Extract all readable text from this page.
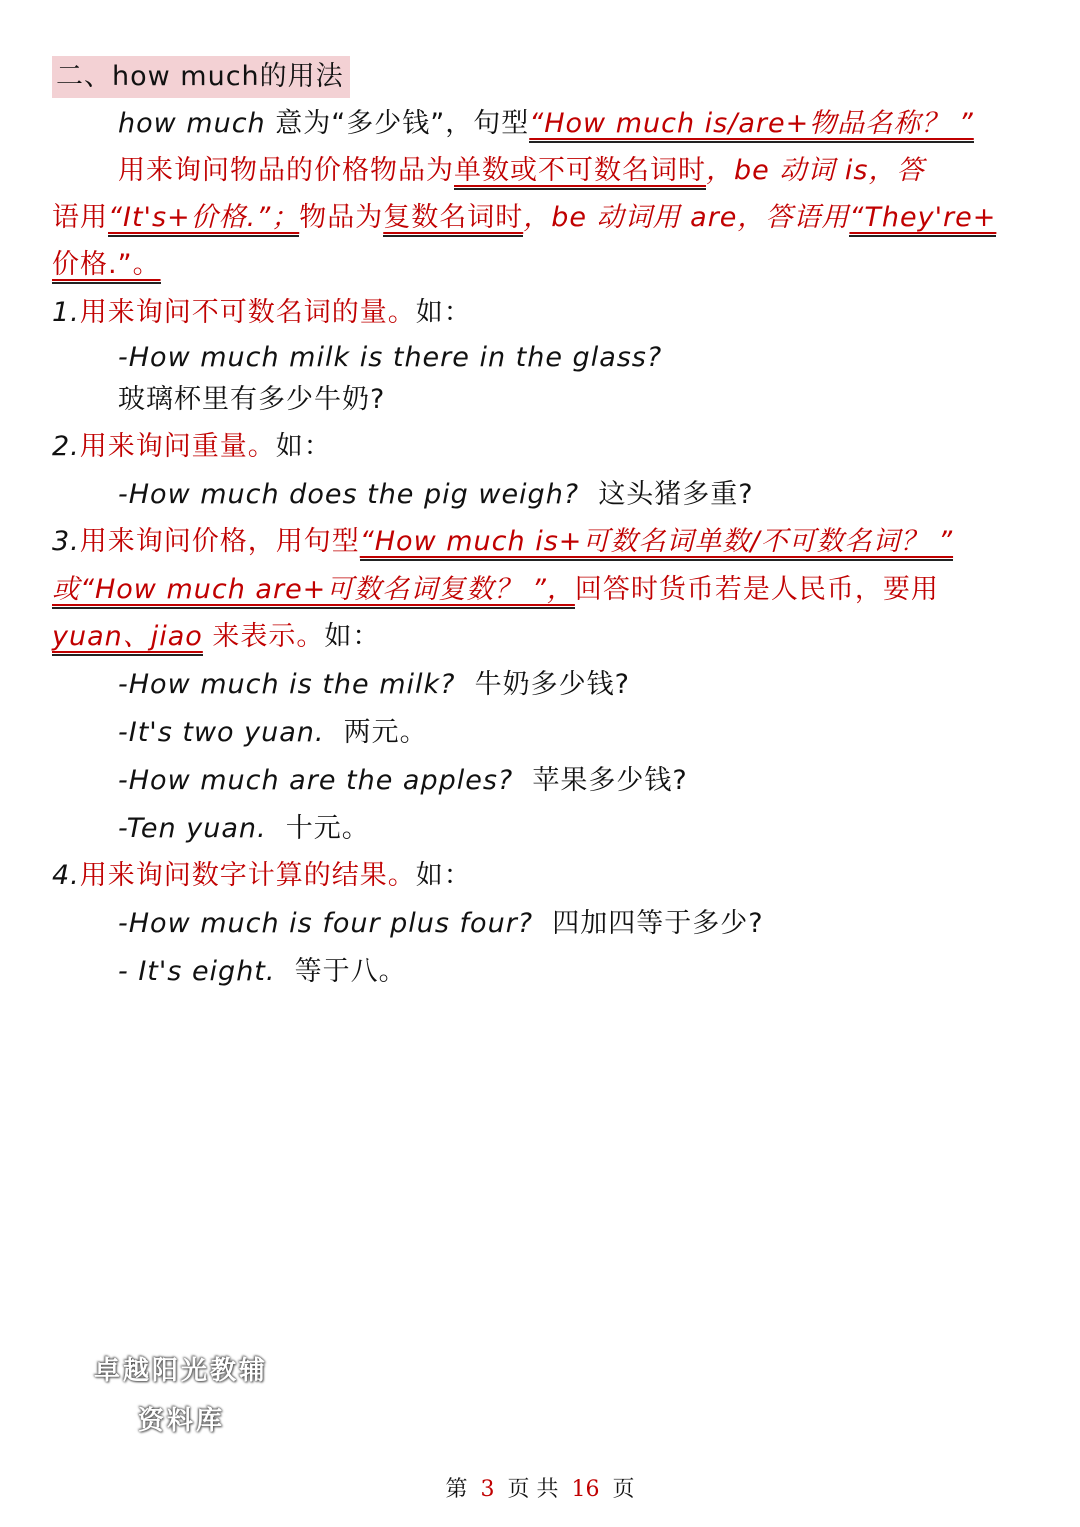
二、how much的用法
how much 意为“多少钱”，句型“How much is/are+物品名称？ ”
用来询问物品的价格物品为单数或不可数名词时，be 动词 is，答
语用“It's+价格.”；物品为复数名词时，be 动词用 are，答语用“They're+
价格.”。
1.用来询问不可数名词的量。如：
-How much milk is there in the glass?
玻璃杯里有多少牛奶?
2.用来询问重量。如：
-How much does the pig weigh? 这头猪多重?
3.用来询问价格，用句型“How much is+可数名词单数/不可数名词？ ”
或“How much are+可数名词复数？ ”，回答时货币若是人民币，要用
yuan、jiao 来表示。如：
-How much is the milk? 牛奶多少钱?
-It's two yuan. 两元。
-How much are the apples? 苹果多少钱?
-Ten yuan. 十元。
4.用来询问数字计算的结果。如：
-How much is four plus four? 四加四等于多少?
- It's eight. 等于八。
卓越阳光教辅
资料库
第 3 页 共 16 页
